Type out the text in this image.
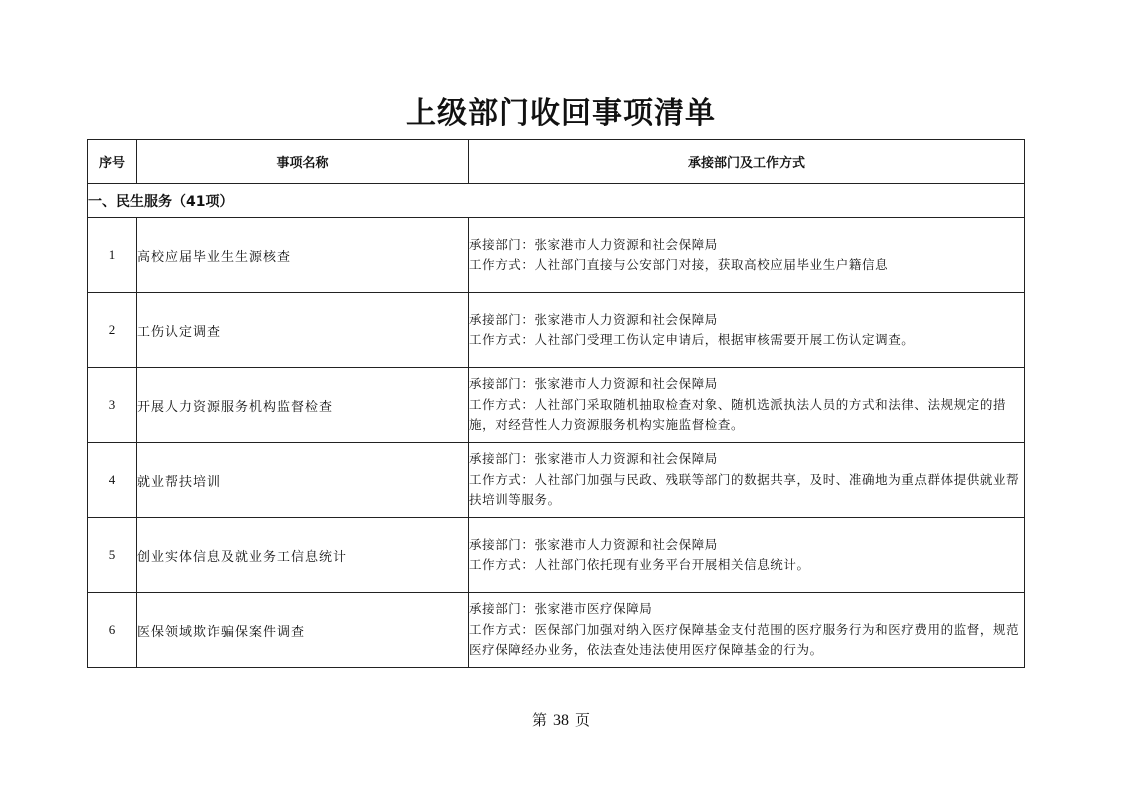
上级部门收回事项清单
序号	事项名称	承接部门及工作方式
一、民生服务（41项）		
1	高校应届毕业生生源核查	承接部门：张家港市人力资源和社会保障局
工作方式：人社部门直接与公安部门对接，获取高校应届毕业生户籍信息

2	工伤认定调查	承接部门：张家港市人力资源和社会保障局
工作方式：人社部门受理工伤认定申请后，根据审核需要开展工伤认定调查。

3	开展人力资源服务机构监督检查	承接部门：张家港市人力资源和社会保障局
工作方式：人社部门采取随机抽取检查对象、随机选派执法人员的方式和法律、法规规定的措施，对经营性人力资源服务机构实施监督检查。

4	就业帮扶培训	承接部门：张家港市人力资源和社会保障局
工作方式：人社部门加强与民政、残联等部门的数据共享，及时、准确地为重点群体提供就业帮扶培训等服务。

5	创业实体信息及就业务工信息统计	承接部门：张家港市人力资源和社会保障局
工作方式：人社部门依托现有业务平台开展相关信息统计。

6	医保领域欺诈骗保案件调查	承接部门：张家港市医疗保障局
工作方式：医保部门加强对纳入医疗保障基金支付范围的医疗服务行为和医疗费用的监督，规范医疗保障经办业务，依法查处违法使用医疗保障基金的行为。
第 38 页
